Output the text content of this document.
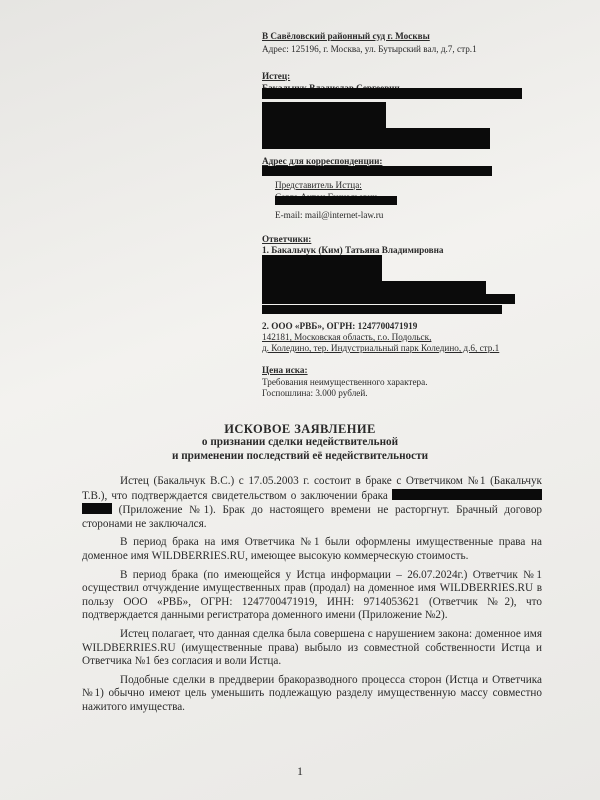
В Савёловский районный суд г. Москвы
Адрес: 125196, г. Москва, ул. Бутырский вал, д.7, стр.1
Истец:
Адрес для корреспонденции:
Представитель Истца:
E-mail: mail@internet-law.ru
Ответчики:
1. Бакальчук (Ким) Татьяна Владимировна
2. ООО «РВБ», ОГРН: 1247700471919
142181, Московская область, г.о. Подольск,
д. Коледино, тер. Индустриальный парк Коледино, д.6, стр.1
Цена иска:
Требования неимущественного характера.
Госпошлина: 3.000 рублей.
ИСКОВОЕ ЗАЯВЛЕНИЕ
о признании сделки недействительной
и применении последствий её недействительности
Истец (Бакальчук В.С.) с 17.05.2003 г. состоит в браке с Ответчиком №1 (Бакальчук Т.В.), что подтверждается свидетельством о заключении брака   (Приложение №1). Брак до настоящего времени не расторгнут. Брачный договор сторонами не заключался.
В период брака на имя Ответчика №1 были оформлены имущественные права на доменное имя WILDBERRIES.RU, имеющее высокую коммерческую стоимость.
В период брака (по имеющейся у Истца информации – 26.07.2024г.) Ответчик №1 осуществил отчуждение имущественных прав (продал) на доменное имя WILDBERRIES.RU в пользу ООО «РВБ», ОГРН: 1247700471919, ИНН: 9714053621 (Ответчик №2), что подтверждается данными регистратора доменного имени (Приложение №2).
Истец полагает, что данная сделка была совершена с нарушением закона: доменное имя WILDBERRIES.RU (имущественные права) выбыло из совместной собственности Истца и Ответчика №1 без согласия и воли Истца.
Подобные сделки в преддверии бракоразводного процесса сторон (Истца и Ответчика №1) обычно имеют цель уменьшить подлежащую разделу имущественную массу совместно нажитого имущества.
1
